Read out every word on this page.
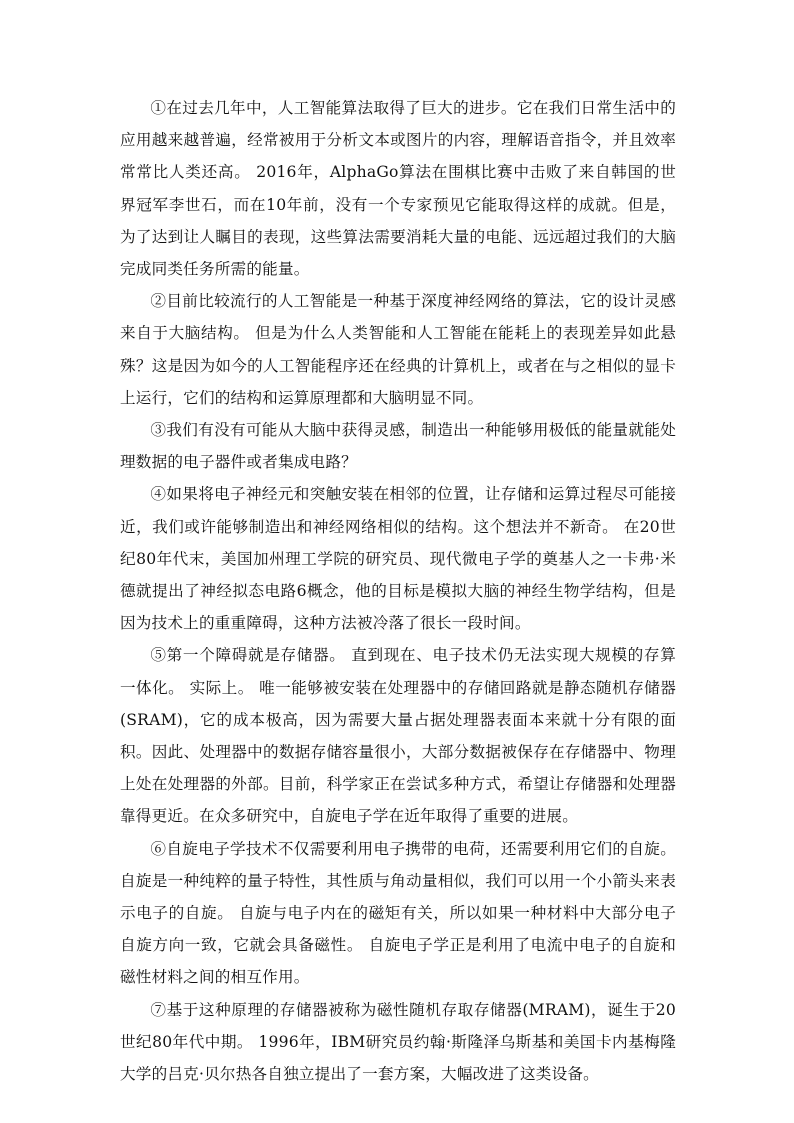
①在过去几年中，人工智能算法取得了巨大的进步。它在我们日常生活中的应用越来越普遍，经常被用于分析文本或图片的内容，理解语音指令，并且效率常常比人类还高。 2016年，AlphaGo算法在围棋比赛中击败了来自韩国的世界冠军李世石，而在10年前，没有一个专家预见它能取得这样的成就。但是，为了达到让人瞩目的表现，这些算法需要消耗大量的电能、远远超过我们的大脑完成同类任务所需的能量。

②目前比较流行的人工智能是一种基于深度神经网络的算法，它的设计灵感来自于大脑结构。 但是为什么人类智能和人工智能在能耗上的表现差异如此悬殊？这是因为如今的人工智能程序还在经典的计算机上，或者在与之相似的显卡上运行，它们的结构和运算原理都和大脑明显不同。

③我们有没有可能从大脑中获得灵感，制造出一种能够用极低的能量就能处理数据的电子器件或者集成电路？

④如果将电子神经元和突触安装在相邻的位置，让存储和运算过程尽可能接近，我们或许能够制造出和神经网络相似的结构。这个想法并不新奇。 在20世纪80年代末，美国加州理工学院的研究员、现代微电子学的奠基人之一卡弗·米德就提出了神经拟态电路6概念，他的目标是模拟大脑的神经生物学结构，但是因为技术上的重重障碍，这种方法被冷落了很长一段时间。

⑤第一个障碍就是存储器。 直到现在、电子技术仍无法实现大规模的存算一体化。 实际上。 唯一能够被安装在处理器中的存储回路就是静态随机存储器(SRAM)，它的成本极高，因为需要大量占据处理器表面本来就十分有限的面积。因此、处理器中的数据存储容量很小，大部分数据被保存在存储器中、物理上处在处理器的外部。目前，科学家正在尝试多种方式，希望让存储器和处理器靠得更近。在众多研究中，自旋电子学在近年取得了重要的进展。

⑥自旋电子学技术不仅需要利用电子携带的电荷，还需要利用它们的自旋。自旋是一种纯粹的量子特性，其性质与角动量相似，我们可以用一个小箭头来表示电子的自旋。 自旋与电子内在的磁矩有关，所以如果一种材料中大部分电子自旋方向一致，它就会具备磁性。 自旋电子学正是利用了电流中电子的自旋和磁性材料之间的相互作用。

⑦基于这种原理的存储器被称为磁性随机存取存储器(MRAM)，诞生于20世纪80年代中期。 1996年，IBM研究员约翰·斯隆泽乌斯基和美国卡内基梅隆大学的吕克·贝尔热各自独立提出了一套方案，大幅改进了这类设备。
